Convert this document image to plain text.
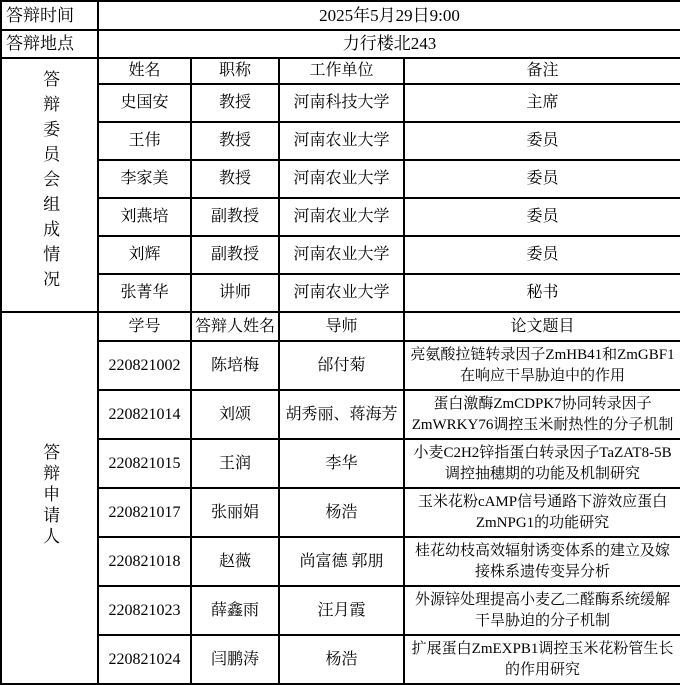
答辩时间	2025年5月29日9:00			
答辩地点	力行楼北243			
答辩委员会组成情况	姓名	职称	工作单位	备注
	史国安	教授	河南科技大学	主席
	王伟	教授	河南农业大学	委员
	李家美	教授	河南农业大学	委员
	刘燕培	副教授	河南农业大学	委员
	刘辉	副教授	河南农业大学	委员
	张菁华	讲师	河南农业大学	秘书
答辩申请人	学号	答辩人姓名	导师	论文题目
	220821002	陈培梅	邰付菊	亮氨酸拉链转录因子ZmHB41和ZmGBF1在响应干旱胁迫中的作用
	220821014	刘颂	胡秀丽、蒋海芳	蛋白激酶ZmCDPK7协同转录因子ZmWRKY76调控玉米耐热性的分子机制
	220821015	王润	李华	小麦C2H2锌指蛋白转录因子TaZAT8-5B调控抽穗期的功能及机制研究
	220821017	张丽娟	杨浩	玉米花粉cAMP信号通路下游效应蛋白ZmNPG1的功能研究
	220821018	赵薇	尚富德 郭朋	桂花幼枝高效辐射诱变体系的建立及嫁接株系遗传变异分析
	220821023	薛鑫雨	汪月霞	外源锌处理提高小麦乙二醛酶系统缓解干旱胁迫的分子机制
	220821024	闫鹏涛	杨浩	扩展蛋白ZmEXPB1调控玉米花粉管生长的作用研究
